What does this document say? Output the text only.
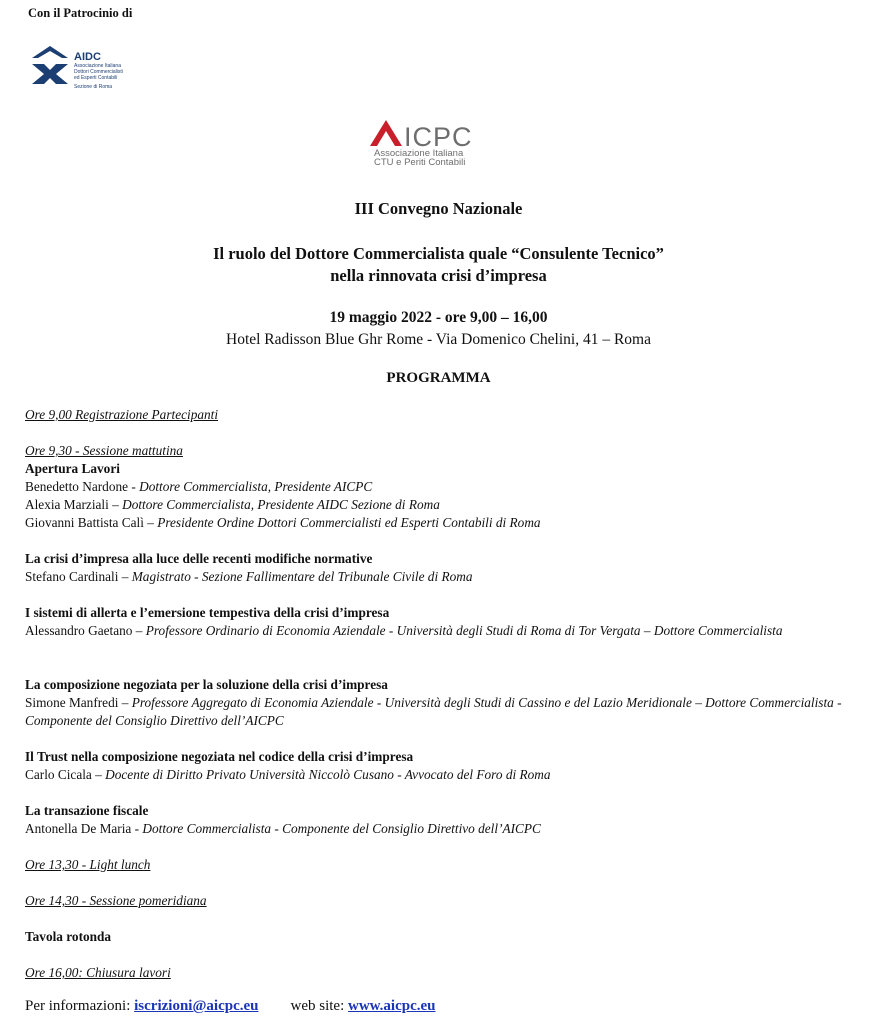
Con il Patrocinio di
AIDC
Associazione Italiana
Dottori Commercialisti
ed Esperti Contabili
Sezione di Roma
ICPC
Associazione Italiana
CTU e Periti Contabili
III Convegno Nazionale
Il ruolo del Dottore Commercialista quale “Consulente Tecnico”
nella rinnovata crisi d’impresa
19 maggio 2022 - ore 9,00 – 16,00
Hotel Radisson Blue Ghr Rome - Via Domenico Chelini, 41 – Roma
PROGRAMMA
Ore 9,00 Registrazione Partecipanti
Ore 9,30 - Sessione mattutina
Apertura Lavori
Benedetto Nardone - Dottore Commercialista, Presidente AICPC
Alexia Marziali – Dottore Commercialista, Presidente AIDC Sezione di Roma
Giovanni Battista Calì – Presidente Ordine Dottori Commercialisti ed Esperti Contabili di Roma
La crisi d’impresa alla luce delle recenti modifiche normative
Stefano Cardinali – Magistrato - Sezione Fallimentare del Tribunale Civile di Roma
I sistemi di allerta e l’emersione tempestiva della crisi d’impresa
Alessandro Gaetano – Professore Ordinario di Economia Aziendale - Università degli Studi di Roma di Tor Vergata – Dottore Commercialista
La composizione negoziata per la soluzione della crisi d’impresa
Simone Manfredi – Professore Aggregato di Economia Aziendale - Università degli Studi di Cassino e del Lazio Meridionale – Dottore Commercialista - Componente del Consiglio Direttivo dell’AICPC
Il Trust nella composizione negoziata nel codice della crisi d’impresa
Carlo Cicala – Docente di Diritto Privato Università Niccolò Cusano - Avvocato del Foro di Roma
La transazione fiscale
Antonella De Maria - Dottore Commercialista - Componente del Consiglio Direttivo dell’AICPC
Ore 13,30 - Light lunch
Ore 14,30 - Sessione pomeridiana
Tavola rotonda
Ore 16,00: Chiusura lavori
Per informazioni: iscrizioni@aicpc.eu web site: www.aicpc.eu
